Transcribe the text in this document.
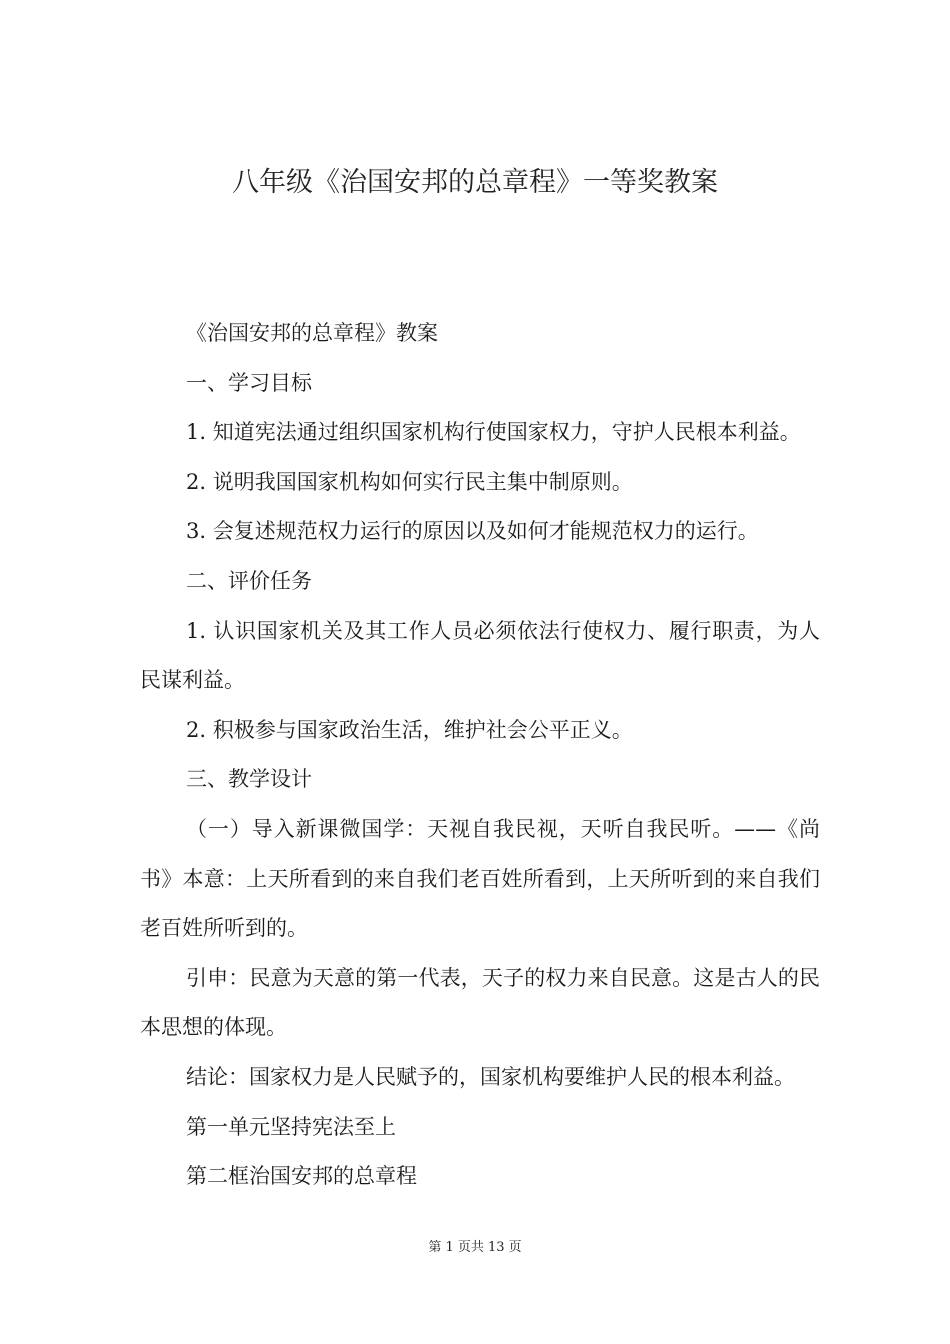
八年级《治国安邦的总章程》一等奖教案

《治国安邦的总章程》教案

一、学习目标

1. 知道宪法通过组织国家机构行使国家权力，守护人民根本利益。

2. 说明我国国家机构如何实行民主集中制原则。

3. 会复述规范权力运行的原因以及如何才能规范权力的运行。

二、评价任务

1. 认识国家机关及其工作人员必须依法行使权力、履行职责，为人民谋利益。

2. 积极参与国家政治生活，维护社会公平正义。

三、教学设计

（一）导入新课微国学：天视自我民视，天听自我民听。——《尚书》本意：上天所看到的来自我们老百姓所看到，上天所听到的来自我们老百姓所听到的。

引申：民意为天意的第一代表，天子的权力来自民意。这是古人的民本思想的体现。

结论：国家权力是人民赋予的，国家机构要维护人民的根本利益。

第一单元坚持宪法至上

第二框治国安邦的总章程

第 1 页共 13 页
